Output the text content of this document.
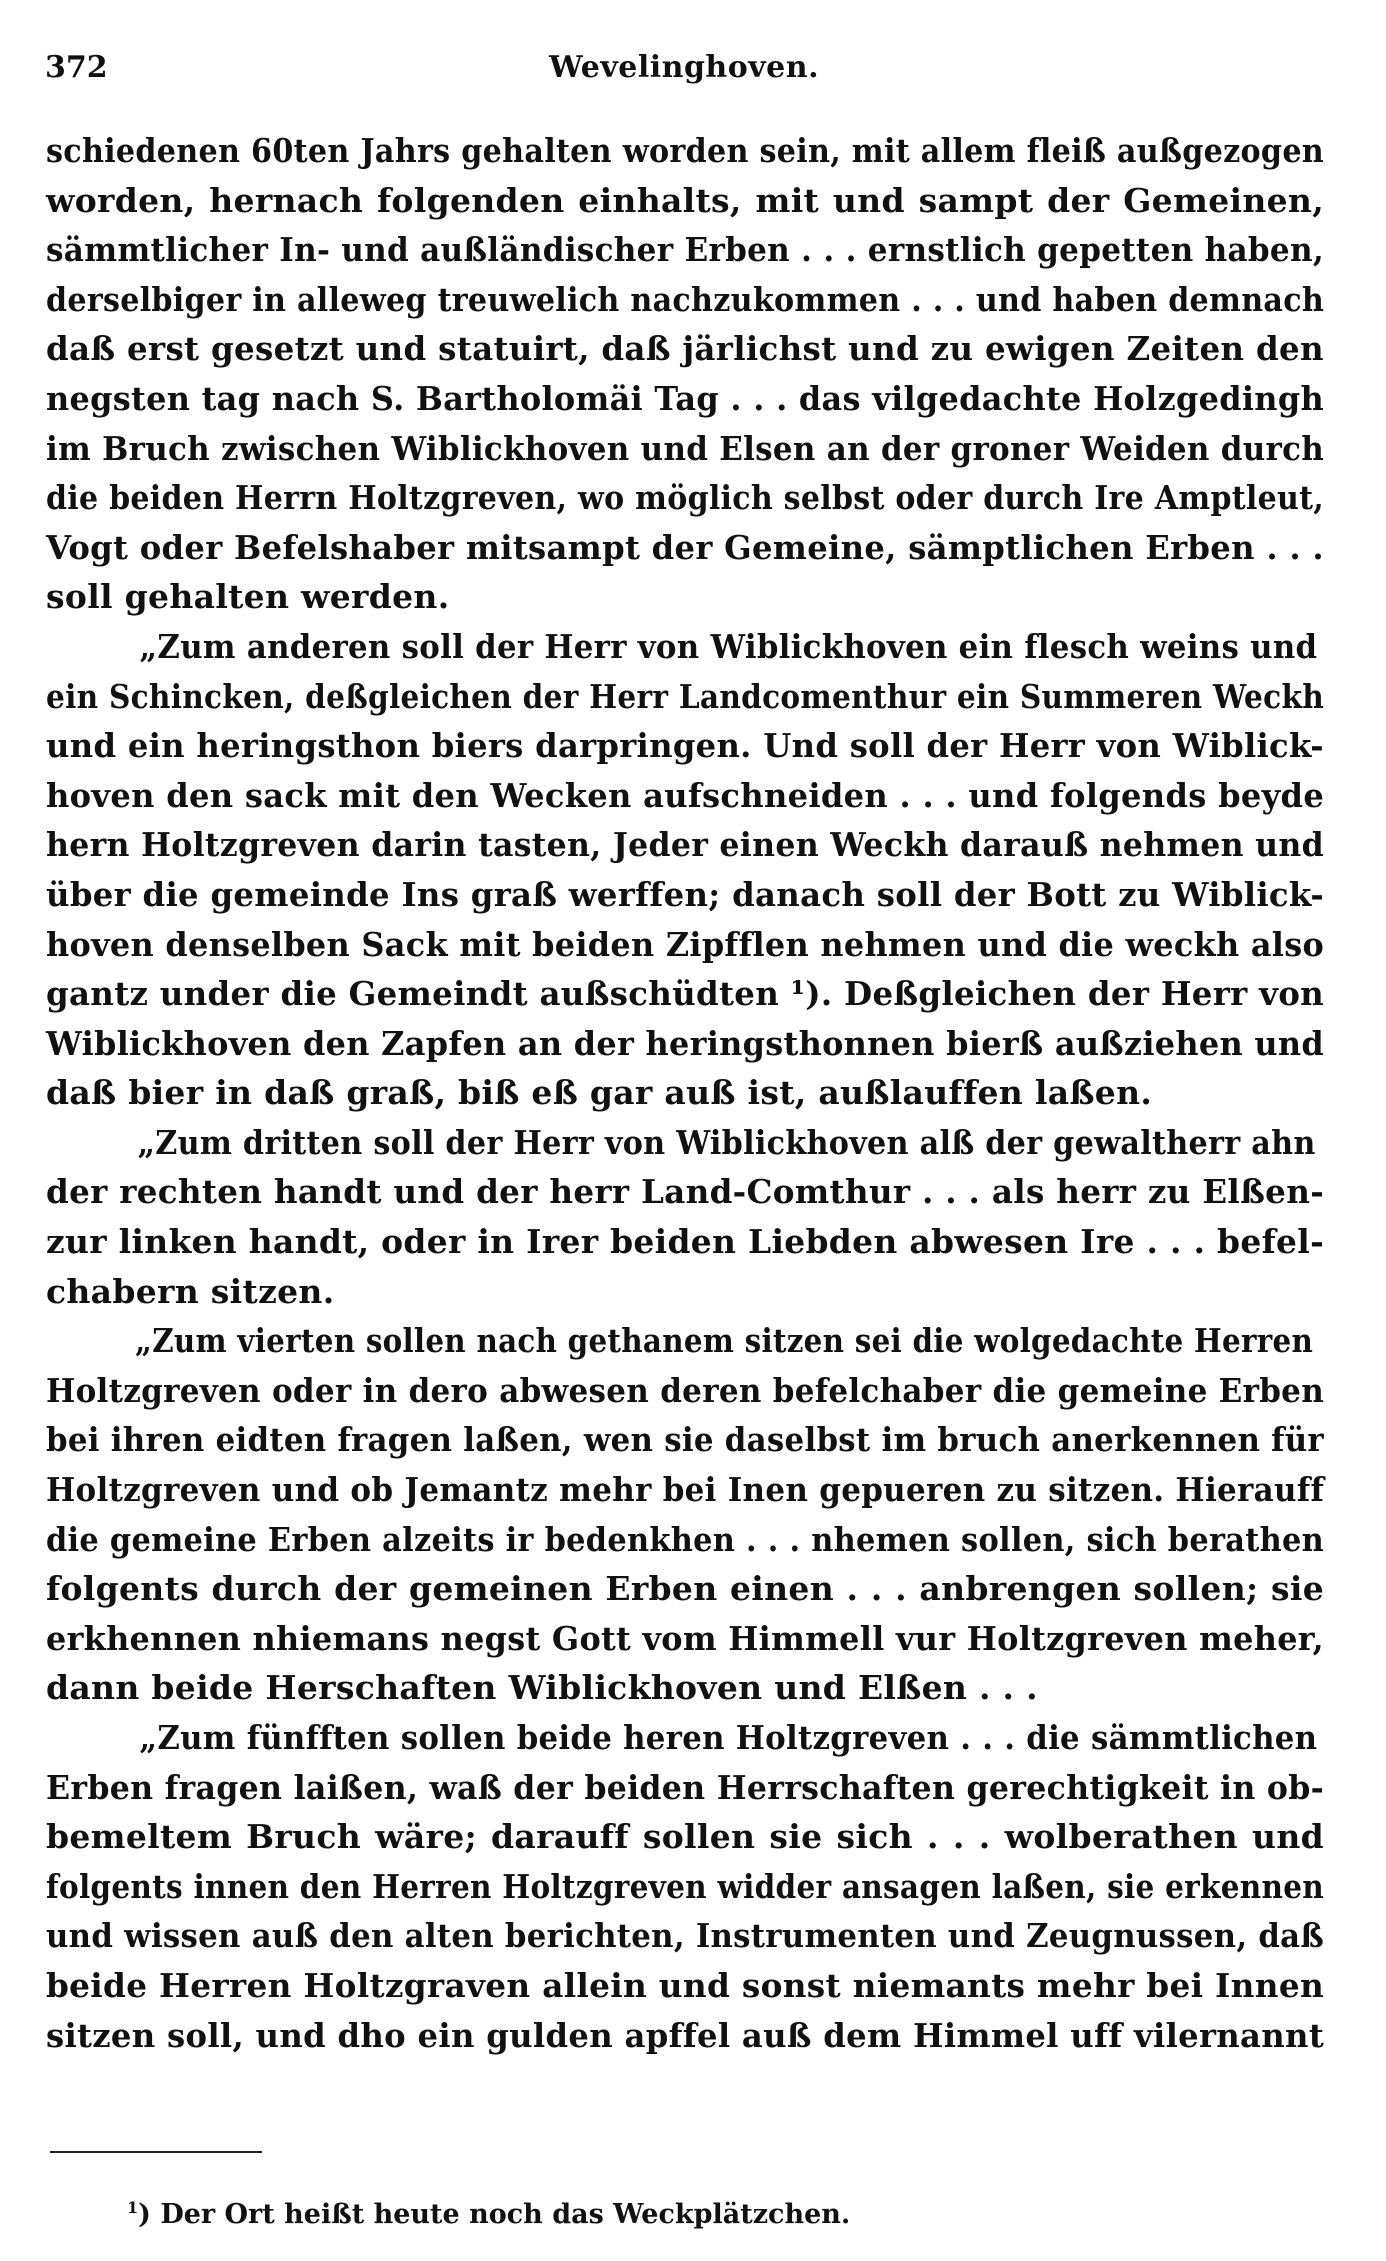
372	Wevelinghoven.
schiedenen 60ten Jahrs gehalten worden sein, mit allem fleiß außgezogen
worden, hernach folgenden einhalts, mit und sampt der Gemeinen,
sämmtlicher In- und außländischer Erben . . . ernstlich gepetten haben,
derselbiger in alleweg treuwelich nachzukommen . . . und haben demnach
daß erst gesetzt und statuirt, daß järlichst und zu ewigen Zeiten den
negsten tag nach S. Bartholomäi Tag . . . das vilgedachte Holzgedingh
im Bruch zwischen Wiblickhoven und Elsen an der groner Weiden durch
die beiden Herrn Holtzgreven, wo möglich selbst oder durch Ire Amptleut,
Vogt oder Befelshaber mitsampt der Gemeine, sämptlichen Erben . . .
soll gehalten werden.
„Zum anderen soll der Herr von Wiblickhoven ein flesch weins und
ein Schincken, deßgleichen der Herr Landcomenthur ein Summeren Weckh
und ein heringsthon biers darpringen. Und soll der Herr von Wiblick-
hoven den sack mit den Wecken aufschneiden . . . und folgends beyde
hern Holtzgreven darin tasten, Jeder einen Weckh darauß nehmen und
über die gemeinde Ins graß werffen; danach soll der Bott zu Wiblick-
hoven denselben Sack mit beiden Zipfflen nehmen und die weckh also
gantz under die Gemeindt außschüdten ¹). Deßgleichen der Herr von
Wiblickhoven den Zapfen an der heringsthonnen bierß außziehen und
daß bier in daß graß, biß eß gar auß ist, außlauffen laßen.
„Zum dritten soll der Herr von Wiblickhoven alß der gewaltherr ahn
der rechten handt und der herr Land-Comthur . . . als herr zu Elßen-
zur linken handt, oder in Irer beiden Liebden abwesen Ire . . . befel-
chabern sitzen.
„Zum vierten sollen nach gethanem sitzen sei die wolgedachte Herren
Holtzgreven oder in dero abwesen deren befelchaber die gemeine Erben
bei ihren eidten fragen laßen, wen sie daselbst im bruch anerkennen für
Holtzgreven und ob Jemantz mehr bei Inen gepueren zu sitzen. Hierauff
die gemeine Erben alzeits ir bedenkhen . . . nhemen sollen, sich berathen
folgents durch der gemeinen Erben einen . . . anbrengen sollen; sie
erkhennen nhiemans negst Gott vom Himmell vur Holtzgreven meher,
dann beide Herschaften Wiblickhoven und Elßen . . .
„Zum fünfften sollen beide heren Holtzgreven . . . die sämmtlichen
Erben fragen laißen, waß der beiden Herrschaften gerechtigkeit in ob-
bemeltem Bruch wäre; darauff sollen sie sich . . . wolberathen und
folgents innen den Herren Holtzgreven widder ansagen laßen, sie erkennen
und wissen auß den alten berichten, Instrumenten und Zeugnussen, daß
beide Herren Holtzgraven allein und sonst niemants mehr bei Innen
sitzen soll, und dho ein gulden apffel auß dem Himmel uff vilernannt
$^1$) Der Ort heißt heute noch das Weckplätzchen.
